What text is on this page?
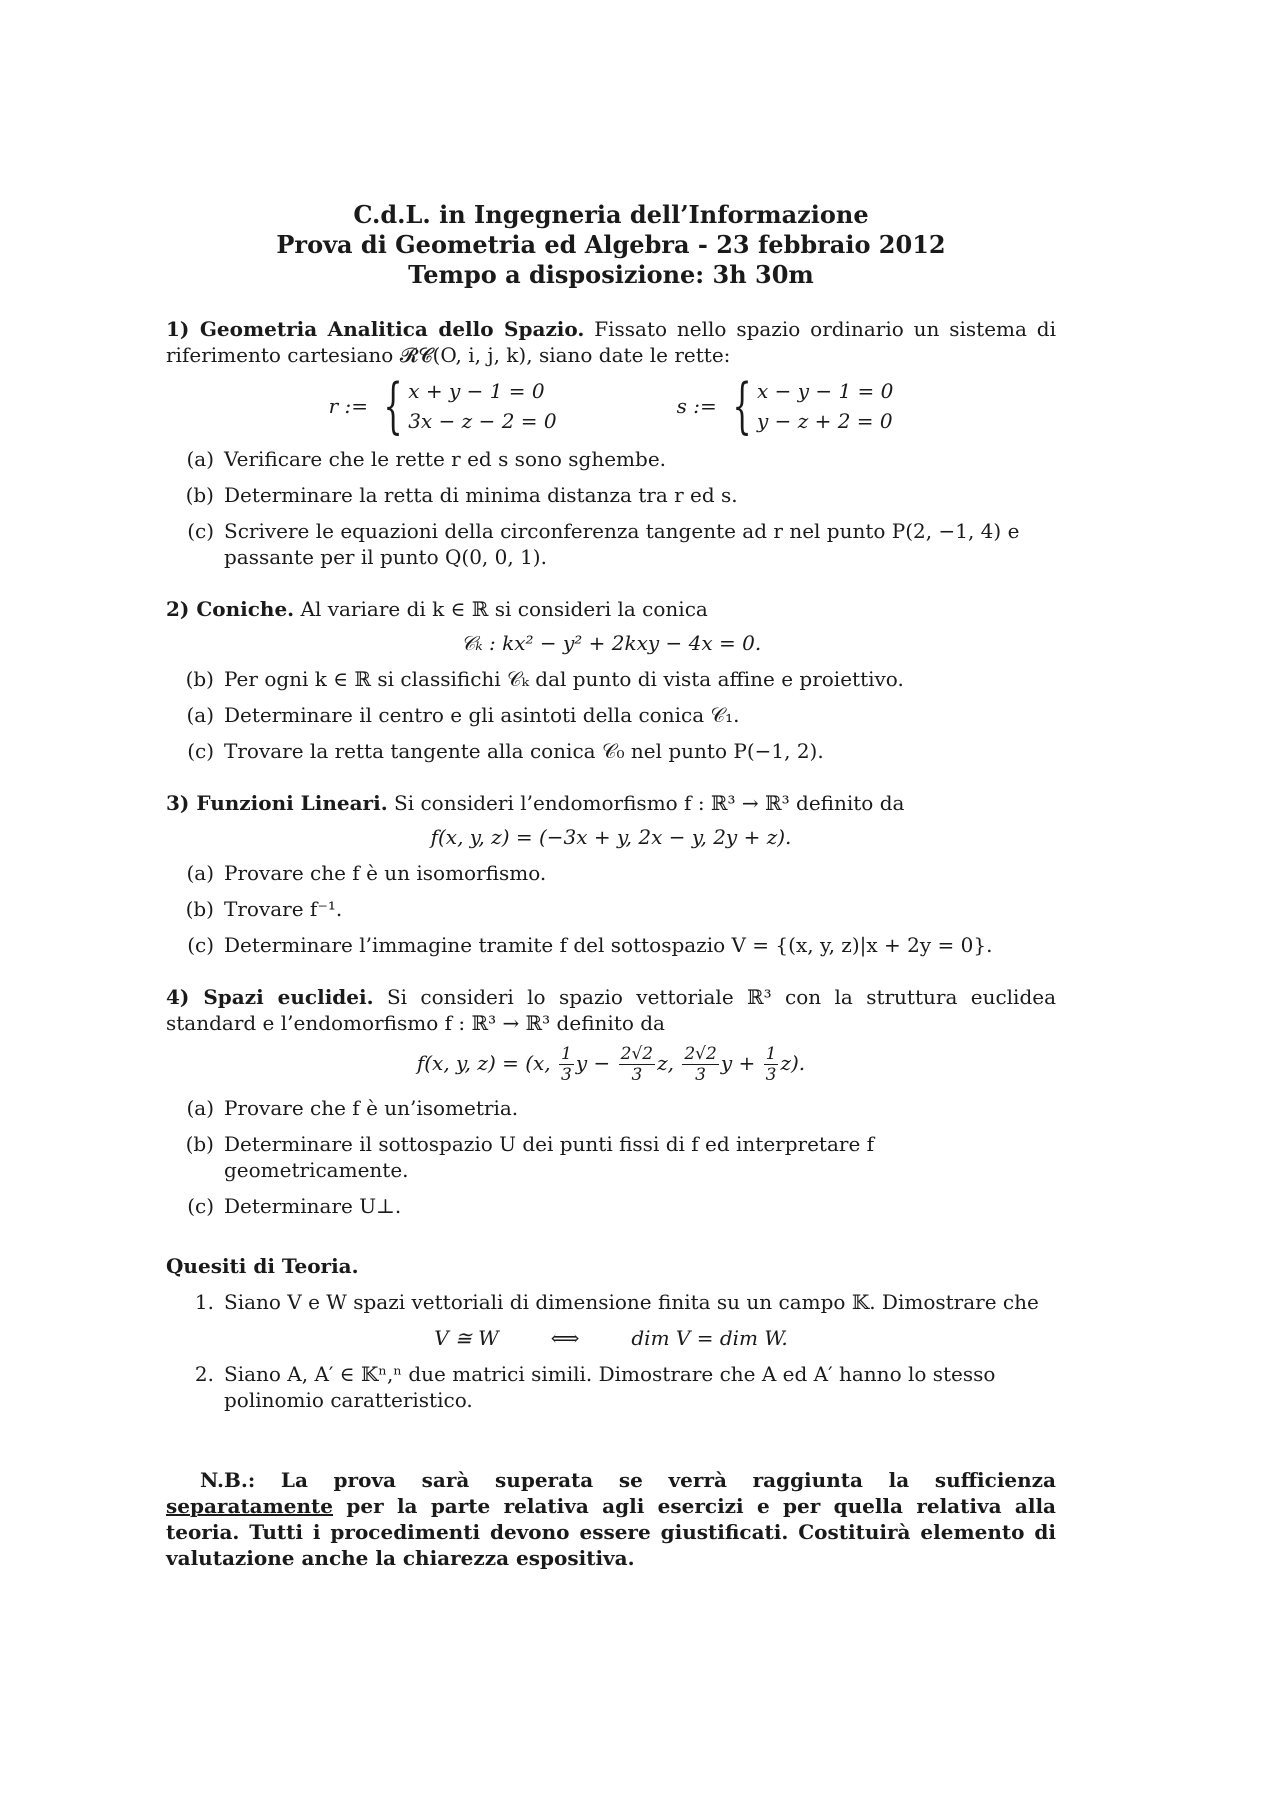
C.d.L. in Ingegneria dell’Informazione
Prova di Geometria ed Algebra - 23 febbraio 2012
Tempo a disposizione: 3h 30m
1) Geometria Analitica dello Spazio. Fissato nello spazio ordinario un sistema di riferimento cartesiano 𝓡𝓒(O, i, j, k), siano date le rette:
r := { x + y − 1 = 0
3x − z − 2 = 0
s := { x − y − 1 = 0
y − z + 2 = 0
(a) Verificare che le rette r ed s sono sghembe.
(b) Determinare la retta di minima distanza tra r ed s.
(c) Scrivere le equazioni della circonferenza tangente ad r nel punto P(2, −1, 4) e passante per il punto Q(0, 0, 1).
2) Coniche. Al variare di k ∈ ℝ si consideri la conica
𝒞ₖ : kx² − y² + 2kxy − 4x = 0.
(b) Per ogni k ∈ ℝ si classifichi 𝒞ₖ dal punto di vista affine e proiettivo.
(a) Determinare il centro e gli asintoti della conica 𝒞₁.
(c) Trovare la retta tangente alla conica 𝒞₀ nel punto P(−1, 2).
3) Funzioni Lineari. Si consideri l’endomorfismo f : ℝ³ → ℝ³ definito da
f(x, y, z) = (−3x + y, 2x − y, 2y + z).
(a) Provare che f è un isomorfismo.
(b) Trovare f⁻¹.
(c) Determinare l’immagine tramite f del sottospazio V = {(x, y, z)|x + 2y = 0}.
4) Spazi euclidei. Si consideri lo spazio vettoriale ℝ³ con la struttura euclidea standard e l’endomorfismo f : ℝ³ → ℝ³ definito da
f(x, y, z) = (x, $\frac{1}{3}$ $y - \frac{2√2}{3} z$, $\frac{2√2}{3}$ $y + \frac{1}{3} z$).
(a) Provare che f è un’isometria.
(b) Determinare il sottospazio U dei punti fissi di f ed interpretare f geometricamente.
(c) Determinare U⊥.
Quesiti di Teoria.
1. Siano V e W spazi vettoriali di dimensione finita su un campo 𝕂. Dimostrare che
V ≅ W	⟺	dim V = dim W.
2. Siano A, A′ ∈ 𝕂ⁿ,ⁿ due matrici simili. Dimostrare che A ed A′ hanno lo stesso polinomio caratteristico.
N.B.: La prova sarà superata se verrà raggiunta la sufficienza separatamente per la parte relativa agli esercizi e per quella relativa alla teoria. Tutti i procedimenti devono essere giustificati. Costituirà elemento di valutazione anche la chiarezza espositiva.
